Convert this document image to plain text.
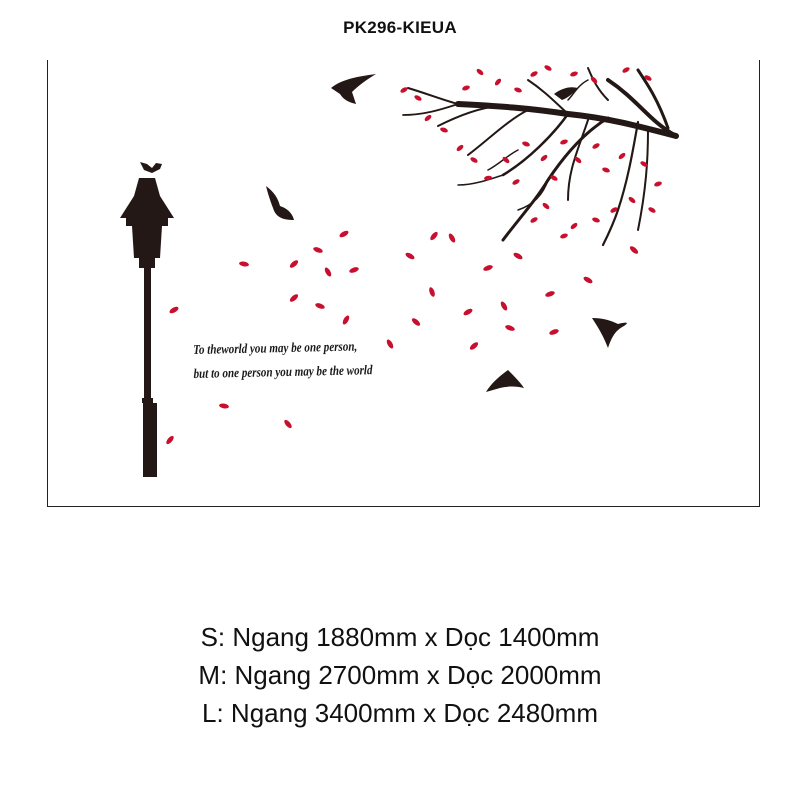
PK296-KIEUA
To theworld you may be one person,
but to one person you may be the world
S: Ngang 1880mm x Dọc 1400mm
M: Ngang 2700mm x Dọc 2000mm
L: Ngang 3400mm x Dọc 2480mm
